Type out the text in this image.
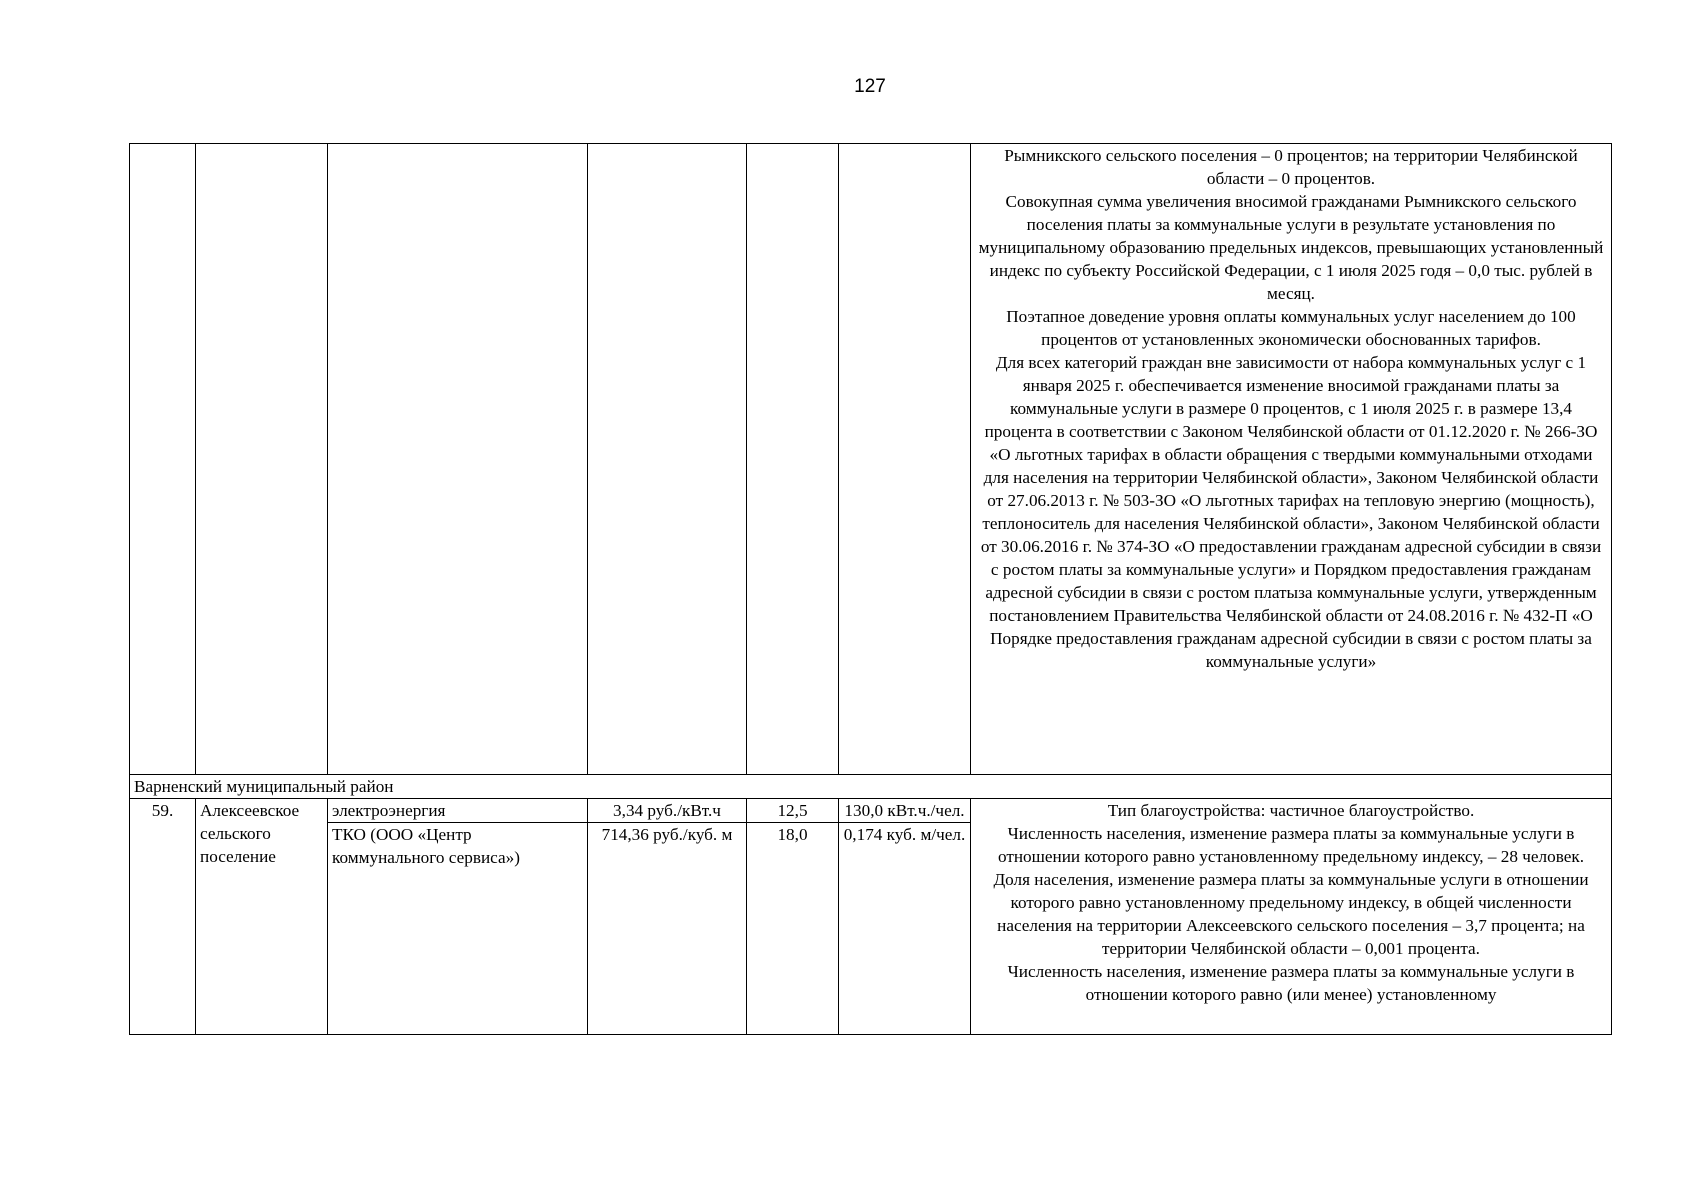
127

						Рымникского сельского поселения – 0 процентов; на территории Челябинской области – 0 процентов.

Совокупная сумма увеличения вносимой гражданами Рымникского сельского поселения платы за коммунальные услуги в результате установления по муниципальному образованию предельных индексов, превышающих установленный индекс по субъекту Российской Федерации, с 1 июля 2025 годя – 0,0 тыс. рублей в месяц.

Поэтапное доведение уровня оплаты коммунальных услуг населением до 100 процентов от установленных экономически обоснованных тарифов.

Для всех категорий граждан вне зависимости от набора коммунальных услуг с 1 января 2025 г. обеспечивается изменение вносимой гражданами платы за коммунальные услуги в размере 0 процентов, с 1 июля 2025 г. в размере 13,4 процента в соответствии с Законом Челябинской области от 01.12.2020 г. № 266-ЗО «О льготных тарифах в области обращения с твердыми коммунальными отходами для населения на территории Челябинской области», Законом Челябинской области от 27.06.2013 г. № 503-ЗО «О льготных тарифах на тепловую энергию (мощность), теплоноситель для населения Челябинской области», Законом Челябинской области от 30.06.2016 г. № 374-ЗО «О предоставлении гражданам адресной субсидии в связи с ростом платы за коммунальные услуги» и Порядком предоставления гражданам адресной субсидии в связи с ростом платыза коммунальные услуги, утвержденным постановлением Правительства Челябинской области от 24.08.2016 г. № 432-П «О Порядке предоставления гражданам адресной субсидии в связи с ростом платы за коммунальные услуги»

Варненский муниципальный район						
59.	Алексеевское сельского поселение	электроэнергия	3,34 руб./кВт.ч	12,5	130,0 кВт.ч./чел.	Тип благоустройства: частичное благоустройство.

Численность населения, изменение размера платы за коммунальные услуги в отношении которого равно установленному предельному индексу, – 28 человек.

Доля населения, изменение размера платы за коммунальные услуги в отношении которого равно установленному предельному индексу, в общей численности населения на территории Алексеевского сельского поселения – 3,7 процента; на территории Челябинской области – 0,001 процента.

Численность населения, изменение размера платы за коммунальные услуги в отношении которого равно (или менее) установленному

		ТКО (ООО «Центр коммунального сервиса»)	714,36 руб./куб. м	18,0	0,174 куб. м/чел.	
